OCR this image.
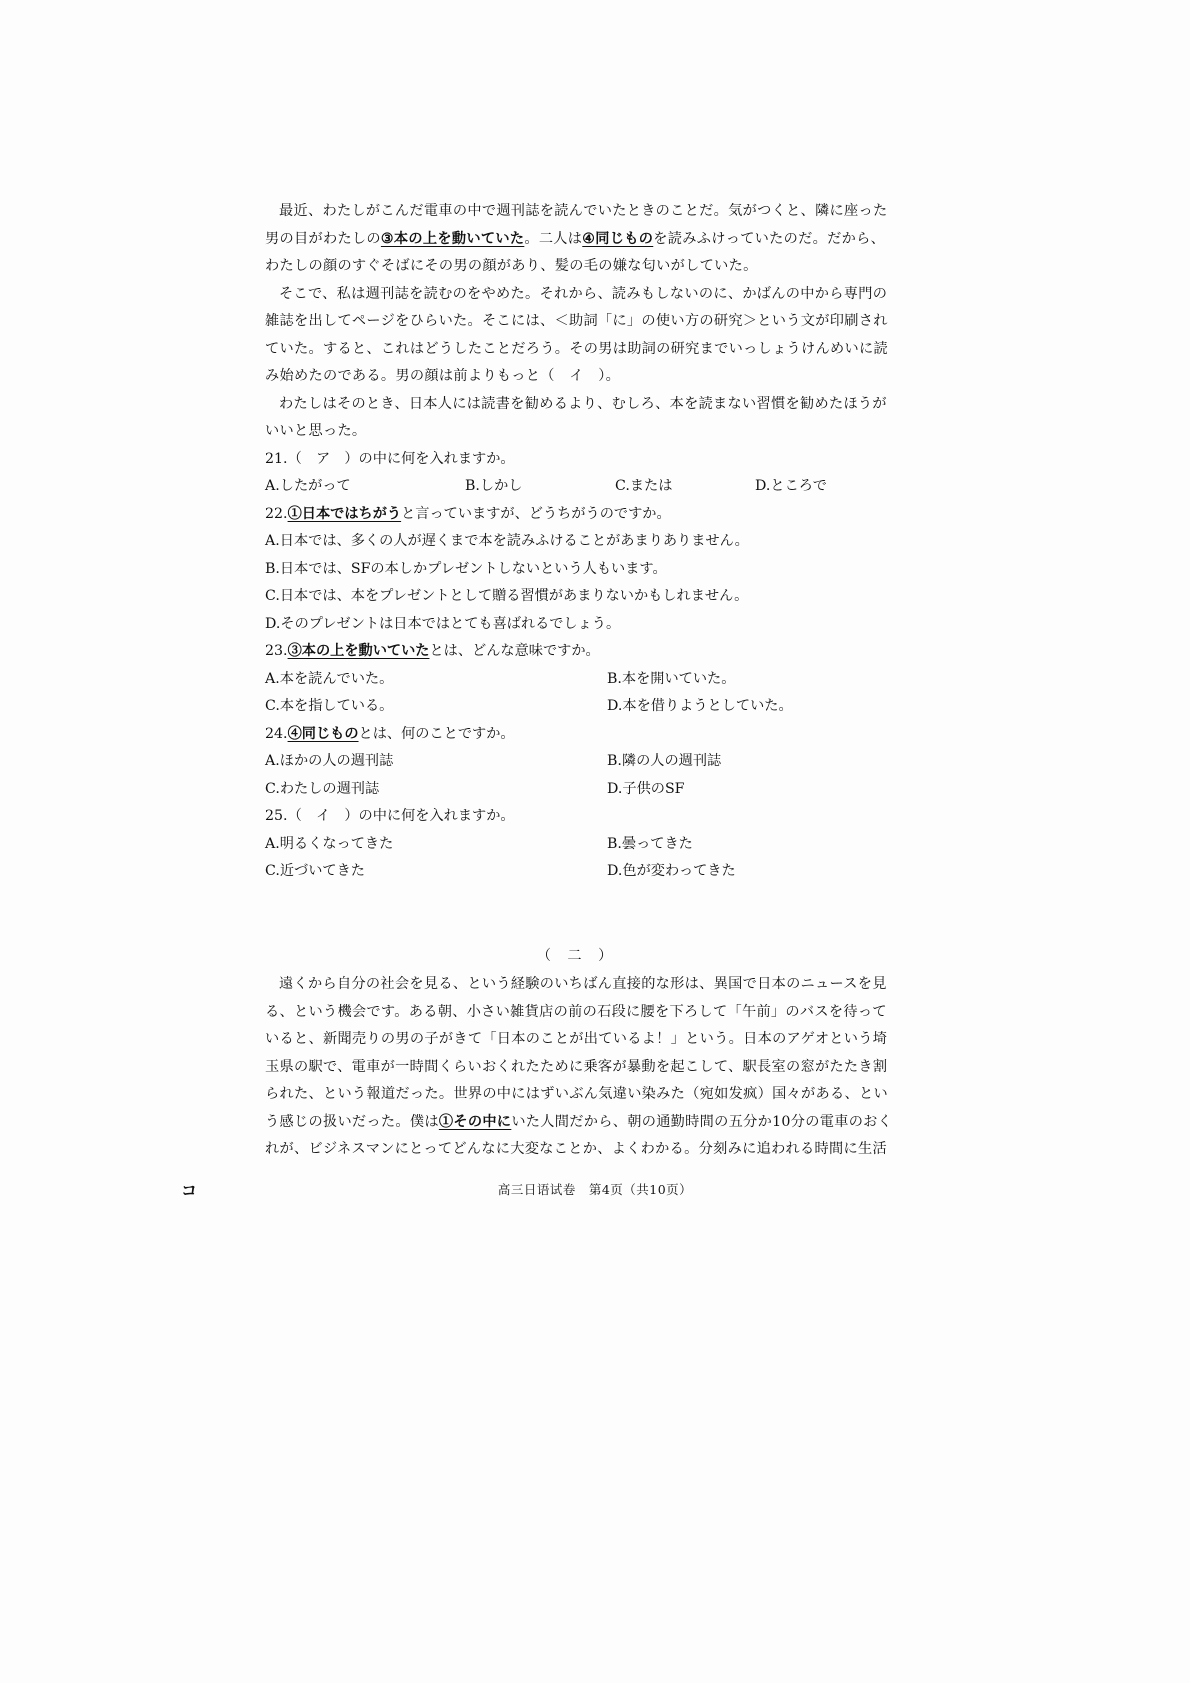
最近、わたしがこんだ電車の中で週刊誌を読んでいたときのことだ。気がつくと、隣に座った
男の目がわたしの③本の上を動いていた。二人は④同じものを読みふけっていたのだ。だから、
わたしの顔のすぐそばにその男の顔があり、髪の毛の嫌な匂いがしていた。
そこで、私は週刊誌を読むのをやめた。それから、読みもしないのに、かばんの中から専門の
雑誌を出してページをひらいた。そこには、＜助詞「に」の使い方の研究＞という文が印刷され
ていた。すると、これはどうしたことだろう。その男は助詞の研究までいっしょうけんめいに読
み始めたのである。男の顔は前よりもっと（　イ　）。
わたしはそのとき、日本人には読書を勧めるより、むしろ、本を読まない習慣を勧めたほうが
いいと思った。
21.（　ア　）の中に何を入れますか。
A.したがって	B.しかし	C.または	D.ところで
22.①日本ではちがうと言っていますが、どうちがうのですか。
A.日本では、多くの人が遅くまで本を読みふけることがあまりありません。
B.日本では、SFの本しかプレゼントしないという人もいます。
C.日本では、本をプレゼントとして贈る習慣があまりないかもしれません。
D.そのプレゼントは日本ではとても喜ばれるでしょう。
23.③本の上を動いていたとは、どんな意味ですか。
A.本を読んでいた。	B.本を開いていた。
C.本を指している。	D.本を借りようとしていた。
24.④同じものとは、何のことですか。
A.ほかの人の週刊誌	B.隣の人の週刊誌
C.わたしの週刊誌	D.子供のSF
25.（　イ　）の中に何を入れますか。
A.明るくなってきた	B.曇ってきた
C.近づいてきた	D.色が変わってきた
（ 二 ）
遠くから自分の社会を見る、という経験のいちばん直接的な形は、異国で日本のニュースを見
る、という機会です。ある朝、小さい雑貨店の前の石段に腰を下ろして「午前」のバスを待って
いると、新聞売りの男の子がきて「日本のことが出ているよ！」という。日本のアゲオという埼
玉県の駅で、電車が一時間くらいおくれたために乗客が暴動を起こして、駅長室の窓がたたき割
られた、という報道だった。世界の中にはずいぶん気違い染みた（宛如发疯）国々がある、とい
う感じの扱いだった。僕は①その中にいた人間だから、朝の通勤時間の五分か10分の電車のおく
れが、ビジネスマンにとってどんなに大変なことか、よくわかる。分刻みに追われる時間に生活
コ	高三日语试卷　第4页（共10页）
